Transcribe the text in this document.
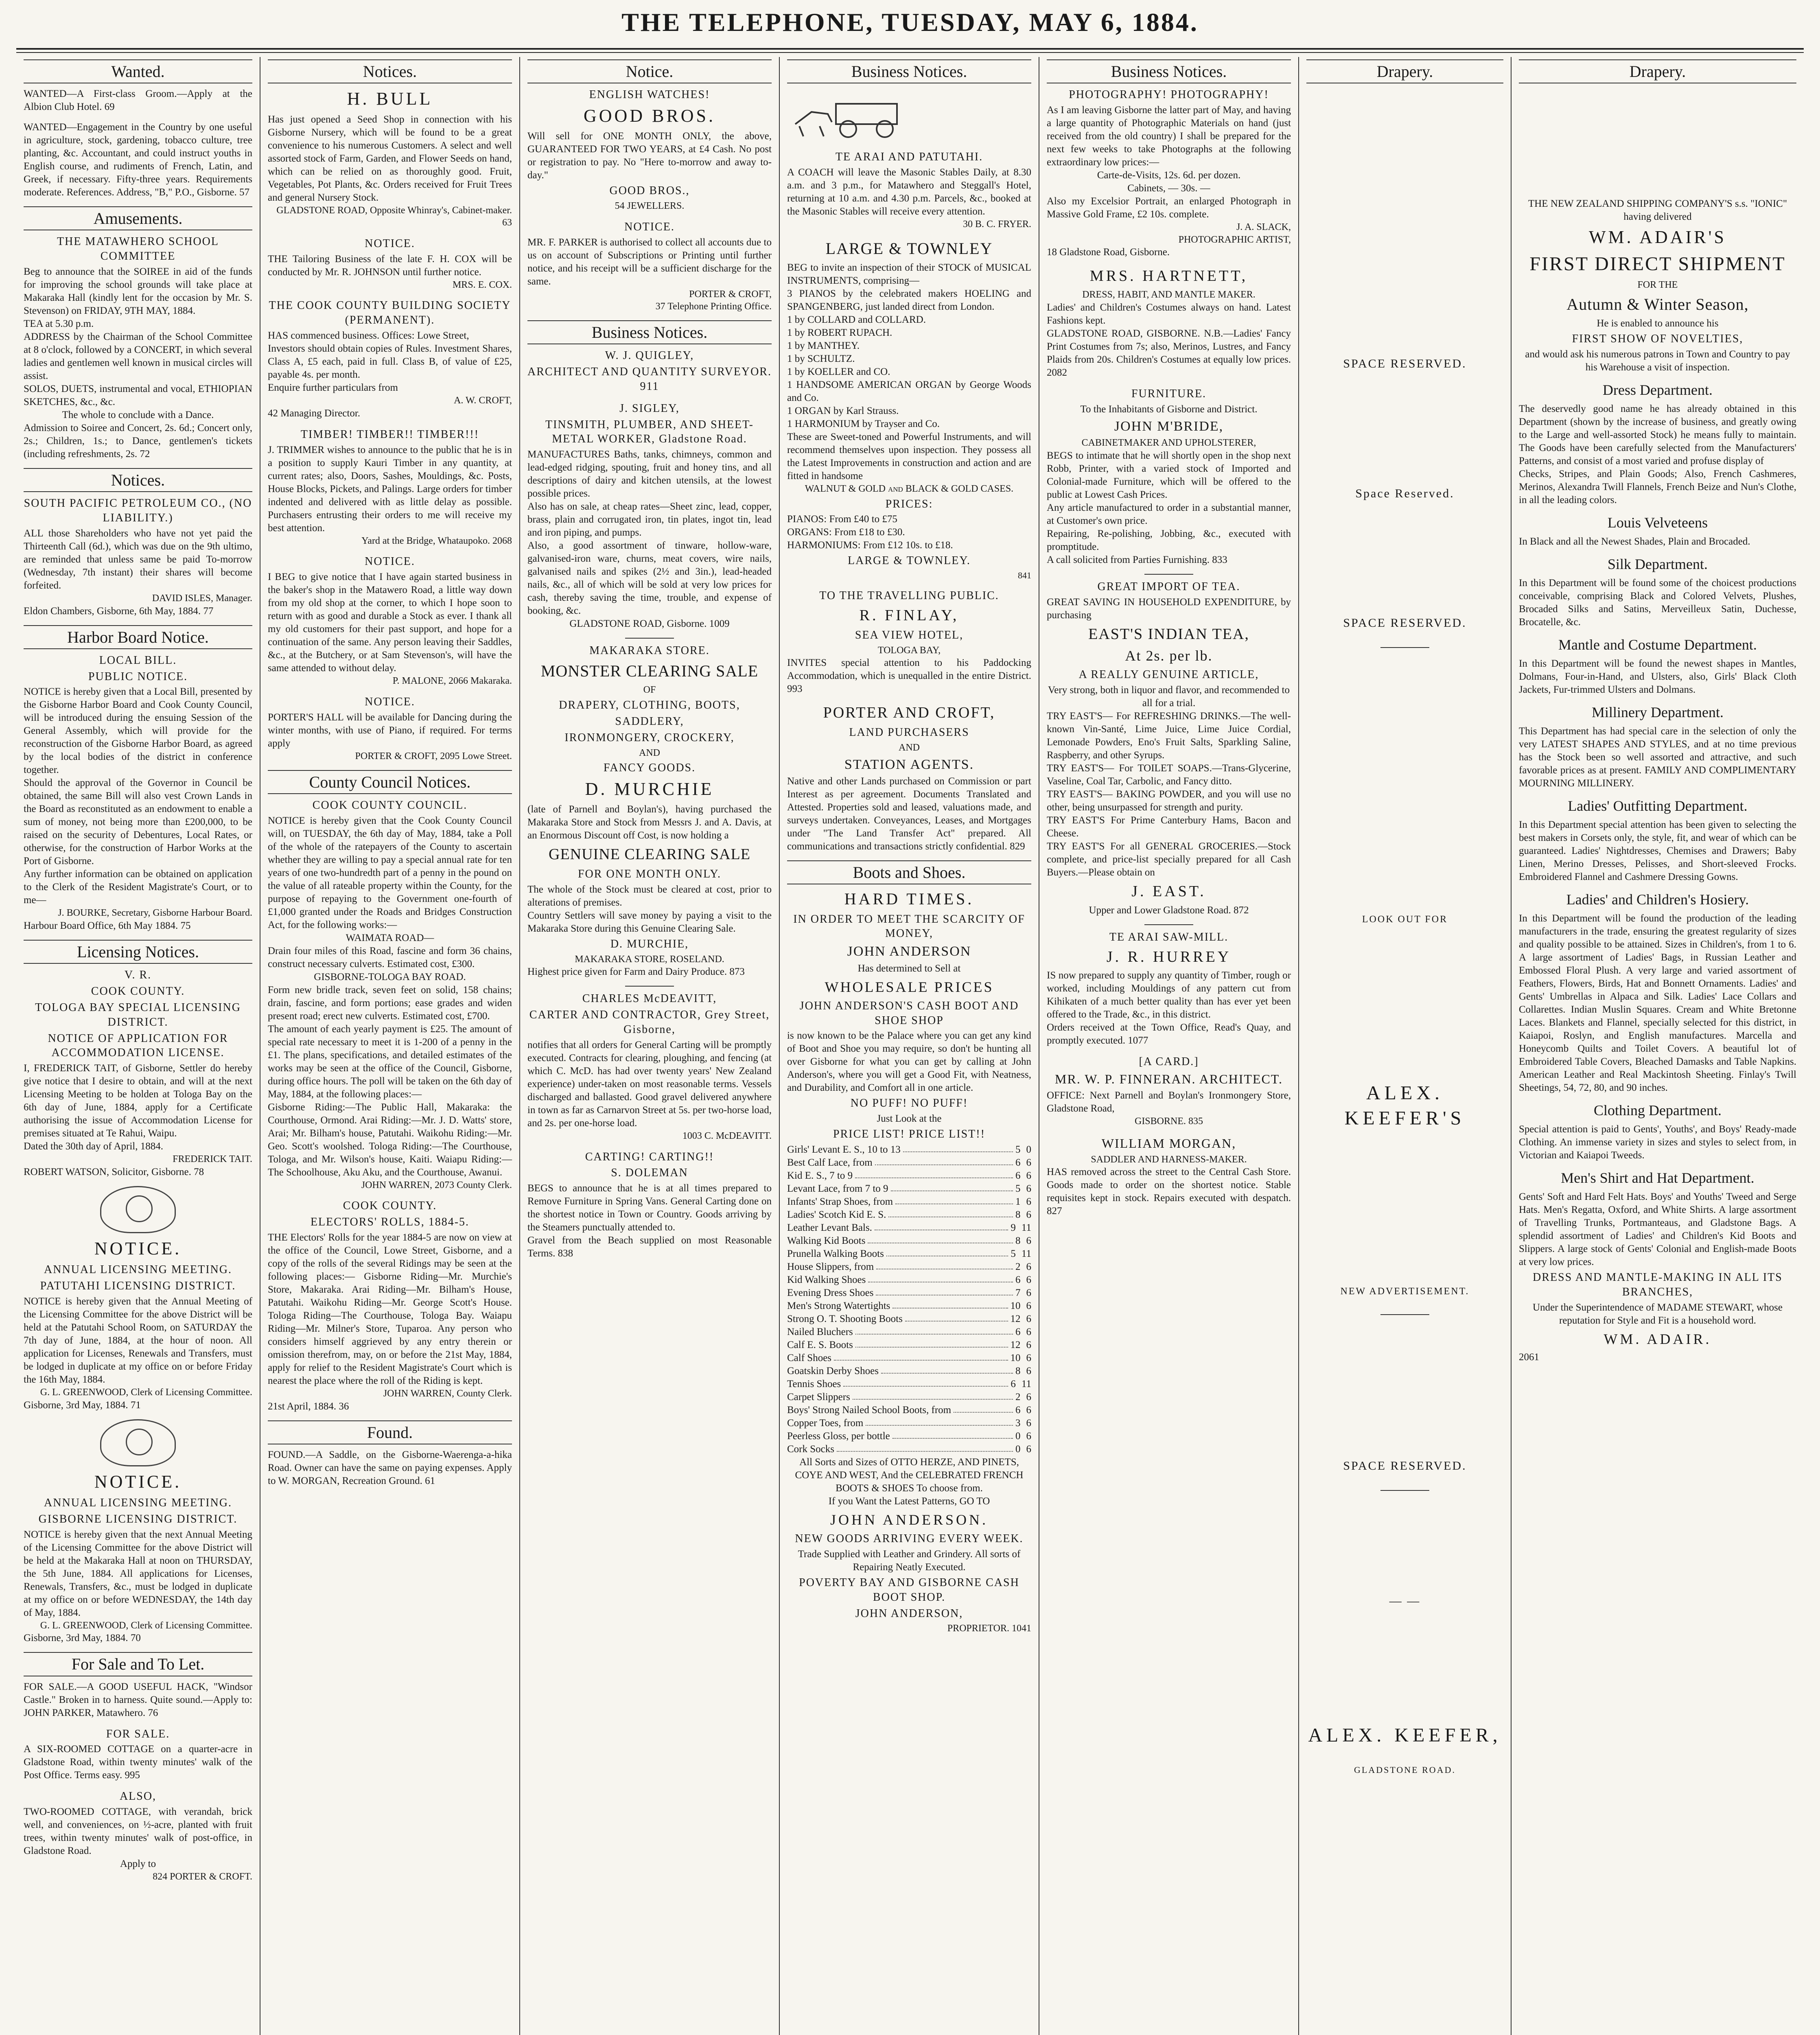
THE TELEPHONE, TUESDAY, MAY 6, 1884.
Wanted.
WANTED—A First-class Groom.—Apply at the Albion Club Hotel. 69
WANTED—Engagement in the Country by one useful in agriculture, stock, gardening, tobacco culture, tree planting, &c. Accountant, and could instruct youths in English course, and rudiments of French, Latin, and Greek, if necessary. Fifty-three years. Requirements moderate. References. Address, "B," P.O., Gisborne. 57
Amusements.
THE MATAWHERO SCHOOL COMMITTEE
Beg to announce that the SOIREE in aid of the funds for improving the school grounds will take place at Makaraka Hall (kindly lent for the occasion by Mr. S. Stevenson) on FRIDAY, 9TH MAY, 1884.
TEA at 5.30 p.m.
ADDRESS by the Chairman of the School Committee at 8 o'clock, followed by a CONCERT, in which several ladies and gentlemen well known in musical circles will assist.
SOLOS, DUETS, instrumental and vocal, ETHIOPIAN SKETCHES, &c., &c.
The whole to conclude with a Dance.
Admission to Soiree and Concert, 2s. 6d.; Concert only, 2s.; Children, 1s.; to Dance, gentlemen's tickets (including refreshments, 2s. 72
Notices.
SOUTH PACIFIC PETROLEUM CO., (NO LIABILITY.)
ALL those Shareholders who have not yet paid the Thirteenth Call (6d.), which was due on the 9th ultimo, are reminded that unless same be paid To-morrow (Wednesday, 7th instant) their shares will become forfeited.
DAVID ISLES, Manager.
Eldon Chambers, Gisborne, 6th May, 1884. 77
Harbor Board Notice.
LOCAL BILL.
PUBLIC NOTICE.
NOTICE is hereby given that a Local Bill, presented by the Gisborne Harbor Board and Cook County Council, will be introduced during the ensuing Session of the General Assembly, which will provide for the reconstruction of the Gisborne Harbor Board, as agreed by the local bodies of the district in conference together.
Should the approval of the Governor in Council be obtained, the same Bill will also vest Crown Lands in the Board as reconstituted as an endowment to enable a sum of money, not being more than £200,000, to be raised on the security of Debentures, Local Rates, or otherwise, for the construction of Harbor Works at the Port of Gisborne.
Any further information can be obtained on application to the Clerk of the Resident Magistrate's Court, or to me—
J. BOURKE, Secretary, Gisborne Harbour Board.
Harbour Board Office, 6th May 1884. 75
Licensing Notices.
V. R.
COOK COUNTY.
TOLOGA BAY SPECIAL LICENSING DISTRICT.
NOTICE OF APPLICATION FOR ACCOMMODATION LICENSE.
I, FREDERICK TAIT, of Gisborne, Settler do hereby give notice that I desire to obtain, and will at the next Licensing Meeting to be holden at Tologa Bay on the 6th day of June, 1884, apply for a Certificate authorising the issue of Accommodation License for premises situated at Te Rahui, Waipu.
Dated the 30th day of April, 1884.
FREDERICK TAIT.
ROBERT WATSON, Solicitor, Gisborne. 78
NOTICE.
ANNUAL LICENSING MEETING.
PATUTAHI LICENSING DISTRICT.
NOTICE is hereby given that the Annual Meeting of the Licensing Committee for the above District will be held at the Patutahi School Room, on SATURDAY the 7th day of June, 1884, at the hour of noon. All application for Licenses, Renewals and Transfers, must be lodged in duplicate at my office on or before Friday the 16th May, 1884.
G. L. GREENWOOD, Clerk of Licensing Committee.
Gisborne, 3rd May, 1884. 71
NOTICE.
ANNUAL LICENSING MEETING.
GISBORNE LICENSING DISTRICT.
NOTICE is hereby given that the next Annual Meeting of the Licensing Committee for the above District will be held at the Makaraka Hall at noon on THURSDAY, the 5th June, 1884. All applications for Licenses, Renewals, Transfers, &c., must be lodged in duplicate at my office on or before WEDNESDAY, the 14th day of May, 1884.
G. L. GREENWOOD, Clerk of Licensing Committee.
Gisborne, 3rd May, 1884. 70
For Sale and To Let.
FOR SALE.—A GOOD USEFUL HACK, "Windsor Castle." Broken in to harness. Quite sound.—Apply to: JOHN PARKER, Matawhero. 76
FOR SALE.
A SIX-ROOMED COTTAGE on a quarter-acre in Gladstone Road, within twenty minutes' walk of the Post Office. Terms easy. 995
ALSO,
TWO-ROOMED COTTAGE, with verandah, brick well, and conveniences, on ½-acre, planted with fruit trees, within twenty minutes' walk of post-office, in Gladstone Road.
Apply to
824 PORTER & CROFT.
Notices.
H. BULL
Has just opened a Seed Shop in connection with his Gisborne Nursery, which will be found to be a great convenience to his numerous Customers. A select and well assorted stock of Farm, Garden, and Flower Seeds on hand, which can be relied on as thoroughly good. Fruit, Vegetables, Pot Plants, &c. Orders received for Fruit Trees and general Nursery Stock.
GLADSTONE ROAD, Opposite Whinray's, Cabinet-maker. 63
NOTICE.
THE Tailoring Business of the late F. H. COX will be conducted by Mr. R. JOHNSON until further notice.
MRS. E. COX.
THE COOK COUNTY BUILDING SOCIETY (PERMANENT).
HAS commenced business. Offices: Lowe Street,
Investors should obtain copies of Rules. Investment Shares, Class A, £5 each, paid in full. Class B, of value of £25, payable 4s. per month.
Enquire further particulars from
A. W. CROFT,
42 Managing Director.
TIMBER! TIMBER!! TIMBER!!!
J. TRIMMER wishes to announce to the public that he is in a position to supply Kauri Timber in any quantity, at current rates; also, Doors, Sashes, Mouldings, &c. Posts, House Blocks, Pickets, and Palings. Large orders for timber indented and delivered with as little delay as possible. Purchasers entrusting their orders to me will receive my best attention.
Yard at the Bridge, Whataupoko. 2068
NOTICE.
I BEG to give notice that I have again started business in the baker's shop in the Matawero Road, a little way down from my old shop at the corner, to which I hope soon to return with as good and durable a Stock as ever. I thank all my old customers for their past support, and hope for a continuation of the same. Any person leaving their Saddles, &c., at the Butchery, or at Sam Stevenson's, will have the same attended to without delay.
P. MALONE, 2066 Makaraka.
NOTICE.
PORTER'S HALL will be available for Dancing during the winter months, with use of Piano, if required. For terms apply
PORTER & CROFT, 2095 Lowe Street.
County Council Notices.
COOK COUNTY COUNCIL.
NOTICE is hereby given that the Cook County Council will, on TUESDAY, the 6th day of May, 1884, take a Poll of the whole of the ratepayers of the County to ascertain whether they are willing to pay a special annual rate for ten years of one two-hundredth part of a penny in the pound on the value of all rateable property within the County, for the purpose of repaying to the Government one-fourth of £1,000 granted under the Roads and Bridges Construction Act, for the following works:—
WAIMATA ROAD—
Drain four miles of this Road, fascine and form 36 chains, construct necessary culverts. Estimated cost, £300.
GISBORNE-TOLOGA BAY ROAD.
Form new bridle track, seven feet on solid, 158 chains; drain, fascine, and form portions; ease grades and widen present road; erect new culverts. Estimated cost, £700.
The amount of each yearly payment is £25. The amount of special rate necessary to meet it is 1-200 of a penny in the £1. The plans, specifications, and detailed estimates of the works may be seen at the office of the Council, Gisborne, during office hours. The poll will be taken on the 6th day of May, 1884, at the following places:—
Gisborne Riding:—The Public Hall, Makaraka: the Courthouse, Ormond. Arai Riding:—Mr. J. D. Watts' store, Arai; Mr. Bilham's house, Patutahi. Waikohu Riding:—Mr. Geo. Scott's woolshed. Tologa Riding:—The Courthouse, Tologa, and Mr. Wilson's house, Kaiti. Waiapu Riding:—The Schoolhouse, Aku Aku, and the Courthouse, Awanui.
JOHN WARREN, 2073 County Clerk.
COOK COUNTY.
ELECTORS' ROLLS, 1884-5.
THE Electors' Rolls for the year 1884-5 are now on view at the office of the Council, Lowe Street, Gisborne, and a copy of the rolls of the several Ridings may be seen at the following places:— Gisborne Riding—Mr. Murchie's Store, Makaraka. Arai Riding—Mr. Bilham's House, Patutahi. Waikohu Riding—Mr. George Scott's House. Tologa Riding—The Courthouse, Tologa Bay. Waiapu Riding—Mr. Milner's Store, Tuparoa. Any person who considers himself aggrieved by any entry therein or omission therefrom, may, on or before the 21st May, 1884, apply for relief to the Resident Magistrate's Court which is nearest the place where the roll of the Riding is kept.
JOHN WARREN, County Clerk.
21st April, 1884. 36
Found.
FOUND.—A Saddle, on the Gisborne-Waerenga-a-hika Road. Owner can have the same on paying expenses. Apply to W. MORGAN, Recreation Ground. 61
Notice.
ENGLISH WATCHES!
GOOD BROS.
Will sell for ONE MONTH ONLY, the above, GUARANTEED FOR TWO YEARS, at £4 Cash. No post or registration to pay. No "Here to-morrow and away to-day."
GOOD BROS.,
54 JEWELLERS.
NOTICE.
MR. F. PARKER is authorised to collect all accounts due to us on account of Subscriptions or Printing until further notice, and his receipt will be a sufficient discharge for the same.
PORTER & CROFT,
37 Telephone Printing Office.
Business Notices.
W. J. QUIGLEY,
ARCHITECT AND QUANTITY SURVEYOR. 911
J. SIGLEY,
TINSMITH, PLUMBER, AND SHEET-METAL WORKER, Gladstone Road.
MANUFACTURES Baths, tanks, chimneys, common and lead-edged ridging, spouting, fruit and honey tins, and all descriptions of dairy and kitchen utensils, at the lowest possible prices.
Also has on sale, at cheap rates—Sheet zinc, lead, copper, brass, plain and corrugated iron, tin plates, ingot tin, lead and iron piping, and pumps.
Also, a good assortment of tinware, hollow-ware, galvanised-iron ware, churns, meat covers, wire nails, galvanised nails and spikes (2½ and 3in.), lead-headed nails, &c., all of which will be sold at very low prices for cash, thereby saving the time, trouble, and expense of booking, &c.
GLADSTONE ROAD, Gisborne. 1009
MAKARAKA STORE.
MONSTER CLEARING SALE
OF
DRAPERY, CLOTHING, BOOTS,
SADDLERY,
IRONMONGERY, CROCKERY,
AND
FANCY GOODS.
D. MURCHIE
(late of Parnell and Boylan's), having purchased the Makaraka Store and Stock from Messrs J. and A. Davis, at an Enormous Discount off Cost, is now holding a
GENUINE CLEARING SALE
FOR ONE MONTH ONLY.
The whole of the Stock must be cleared at cost, prior to alterations of premises.
Country Settlers will save money by paying a visit to the Makaraka Store during this Genuine Clearing Sale.
D. MURCHIE,
MAKARAKA STORE, ROSELAND.
Highest price given for Farm and Dairy Produce. 873
CHARLES McDEAVITT,
CARTER AND CONTRACTOR, Grey Street, Gisborne,
notifies that all orders for General Carting will be promptly executed. Contracts for clearing, ploughing, and fencing (at which C. McD. has had over twenty years' New Zealand experience) under-taken on most reasonable terms. Vessels discharged and ballasted. Good gravel delivered anywhere in town as far as Carnarvon Street at 5s. per two-horse load, and 2s. per one-horse load.
1003 C. McDEAVITT.
CARTING! CARTING!!
S. DOLEMAN
BEGS to announce that he is at all times prepared to Remove Furniture in Spring Vans. General Carting done on the shortest notice in Town or Country. Goods arriving by the Steamers punctually attended to.
Gravel from the Beach supplied on most Reasonable Terms. 838
Business Notices.
TE ARAI AND PATUTAHI.
A COACH will leave the Masonic Stables Daily, at 8.30 a.m. and 3 p.m., for Matawhero and Steggall's Hotel, returning at 10 a.m. and 4.30 p.m. Parcels, &c., booked at the Masonic Stables will receive every attention.
30 B. C. FRYER.
LARGE & TOWNLEY
BEG to invite an inspection of their STOCK of MUSICAL INSTRUMENTS, comprising—
3 PIANOS by the celebrated makers HOELING and SPANGENBERG, just landed direct from London.
1 by COLLARD and COLLARD.
1 by ROBERT RUPACH.
1 by MANTHEY.
1 by SCHULTZ.
1 by KOELLER and CO.
1 HANDSOME AMERICAN ORGAN by George Woods and Co.
1 ORGAN by Karl Strauss.
1 HARMONIUM by Trayser and Co.
These are Sweet-toned and Powerful Instruments, and will recommend themselves upon inspection. They possess all the Latest Improvements in construction and action and are fitted in handsome
WALNUT & GOLD and BLACK & GOLD CASES.
PRICES:
PIANOS: From £40 to £75
ORGANS: From £18 to £30.
HARMONIUMS: From £12 10s. to £18.
LARGE & TOWNLEY.
841
TO THE TRAVELLING PUBLIC.
R. FINLAY,
SEA VIEW HOTEL,
TOLOGA BAY,
INVITES special attention to his Paddocking Accommodation, which is unequalled in the entire District. 993
PORTER AND CROFT,
LAND PURCHASERS
AND
STATION AGENTS.
Native and other Lands purchased on Commission or part Interest as per agreement. Documents Translated and Attested. Properties sold and leased, valuations made, and surveys undertaken. Conveyances, Leases, and Mortgages under "The Land Transfer Act" prepared. All communications and transactions strictly confidential. 829
Boots and Shoes.
HARD TIMES.
IN ORDER TO MEET THE SCARCITY OF MONEY,
JOHN ANDERSON
Has determined to Sell at
WHOLESALE PRICES
JOHN ANDERSON'S CASH BOOT AND SHOE SHOP
is now known to be the Palace where you can get any kind of Boot and Shoe you may require, so don't be hunting all over Gisborne for what you can get by calling at John Anderson's, where you will get a Good Fit, with Neatness, and Durability, and Comfort all in one article.
NO PUFF! NO PUFF!
Just Look at the
PRICE LIST! PRICE LIST!!
Girls' Levant E. S., 10 to 13	5 0
Best Calf Lace, from	6 6
Kid E. S., 7 to 9	6 6
Levant Lace, from 7 to 9	5 6
Infants' Strap Shoes, from	1 6
Ladies' Scotch Kid E. S.	8 6
Leather Levant Bals.	9 11
Walking Kid Boots	8 6
Prunella Walking Boots	5 11
House Slippers, from	2 6
Kid Walking Shoes	6 6
Evening Dress Shoes	7 6
Men's Strong Watertights	10 6
Strong O. T. Shooting Boots	12 6
Nailed Bluchers	6 6
Calf E. S. Boots	12 6
Calf Shoes	10 6
Goatskin Derby Shoes	8 6
Tennis Shoes	6 11
Carpet Slippers	2 6
Boys' Strong Nailed School Boots, from	6 6
Copper Toes, from	3 6
Peerless Gloss, per bottle	0 6
Cork Socks	0 6
All Sorts and Sizes of OTTO HERZE, AND PINETS, COYE AND WEST, And the CELEBRATED FRENCH BOOTS & SHOES To choose from.
If you Want the Latest Patterns, GO TO
JOHN ANDERSON.
NEW GOODS ARRIVING EVERY WEEK.
Trade Supplied with Leather and Grindery. All sorts of Repairing Neatly Executed.
POVERTY BAY AND GISBORNE CASH BOOT SHOP.
JOHN ANDERSON,
PROPRIETOR. 1041
Business Notices.
PHOTOGRAPHY! PHOTOGRAPHY!
As I am leaving Gisborne the latter part of May, and having a large quantity of Photographic Materials on hand (just received from the old country) I shall be prepared for the next few weeks to take Photographs at the following extraordinary low prices:—
Carte-de-Visits, 12s. 6d. per dozen.
Cabinets, — 30s. —
Also my Excelsior Portrait, an enlarged Photograph in Massive Gold Frame, £2 10s. complete.
J. A. SLACK,
PHOTOGRAPHIC ARTIST,
18 Gladstone Road, Gisborne.
MRS. HARTNETT,
DRESS, HABIT, AND MANTLE MAKER.
Ladies' and Children's Costumes always on hand. Latest Fashions kept.
GLADSTONE ROAD, GISBORNE. N.B.—Ladies' Fancy Print Costumes from 7s; also, Merinos, Lustres, and Fancy Plaids from 20s. Children's Costumes at equally low prices. 2082
FURNITURE.
To the Inhabitants of Gisborne and District.
JOHN M'BRIDE,
CABINETMAKER AND UPHOLSTERER,
BEGS to intimate that he will shortly open in the shop next Robb, Printer, with a varied stock of Imported and Colonial-made Furniture, which will be offered to the public at Lowest Cash Prices.
Any article manufactured to order in a substantial manner, at Customer's own price.
Repairing, Re-polishing, Jobbing, &c., executed with promptitude.
A call solicited from Parties Furnishing. 833
GREAT IMPORT OF TEA.
GREAT SAVING IN HOUSEHOLD EXPENDITURE, by purchasing
EAST'S INDIAN TEA,
At 2s. per lb.
A REALLY GENUINE ARTICLE,
Very strong, both in liquor and flavor, and recommended to all for a trial.
TRY EAST'S— For REFRESHING DRINKS.—The well-known Vin-Santé, Lime Juice, Lime Juice Cordial, Lemonade Powders, Eno's Fruit Salts, Sparkling Saline, Raspberry, and other Syrups.
TRY EAST'S— For TOILET SOAPS.—Trans-Glycerine, Vaseline, Coal Tar, Carbolic, and Fancy ditto.
TRY EAST'S— BAKING POWDER, and you will use no other, being unsurpassed for strength and purity.
TRY EAST'S For Prime Canterbury Hams, Bacon and Cheese.
TRY EAST'S For all GENERAL GROCERIES.—Stock complete, and price-list specially prepared for all Cash Buyers.—Please obtain on
J. EAST.
Upper and Lower Gladstone Road. 872
TE ARAI SAW-MILL.
J. R. HURREY
IS now prepared to supply any quantity of Timber, rough or worked, including Mouldings of any pattern cut from Kihikaten of a much better quality than has ever yet been offered to the Trade, &c., in this district.
Orders received at the Town Office, Read's Quay, and promptly executed. 1077
[A CARD.]
MR. W. P. FINNERAN. ARCHITECT.
OFFICE: Next Parnell and Boylan's Ironmongery Store, Gladstone Road,
GISBORNE. 835
WILLIAM MORGAN,
SADDLER AND HARNESS-MAKER.
HAS removed across the street to the Central Cash Store. Goods made to order on the shortest notice. Stable requisites kept in stock. Repairs executed with despatch. 827
Drapery.
SPACE RESERVED.
Space Reserved.
SPACE RESERVED.
LOOK OUT FOR
ALEX. KEEFER'S
NEW ADVERTISEMENT.
SPACE RESERVED.
— —
ALEX. KEEFER,
GLADSTONE ROAD.
Drapery.
THE NEW ZEALAND SHIPPING COMPANY'S s.s. "IONIC" having delivered
WM. ADAIR'S
FIRST DIRECT SHIPMENT
FOR THE
Autumn & Winter Season,
He is enabled to announce his
FIRST SHOW OF NOVELTIES,
and would ask his numerous patrons in Town and Country to pay his Warehouse a visit of inspection.
Dress Department.
The deservedly good name he has already obtained in this Department (shown by the increase of business, and greatly owing to the Large and well-assorted Stock) he means fully to maintain. The Goods have been carefully selected from the Manufacturers' Patterns, and consist of a most varied and profuse display of
Checks, Stripes, and Plain Goods; Also, French Cashmeres, Merinos, Alexandra Twill Flannels, French Beize and Nun's Clothe, in all the leading colors.
Louis Velveteens
In Black and all the Newest Shades, Plain and Brocaded.
Silk Department.
In this Department will be found some of the choicest productions conceivable, comprising Black and Colored Velvets, Plushes, Brocaded Silks and Satins, Merveilleux Satin, Duchesse, Brocatelle, &c.
Mantle and Costume Department.
In this Department will be found the newest shapes in Mantles, Dolmans, Four-in-Hand, and Ulsters, also, Girls' Black Cloth Jackets, Fur-trimmed Ulsters and Dolmans.
Millinery Department.
This Department has had special care in the selection of only the very LATEST SHAPES AND STYLES, and at no time previous has the Stock been so well assorted and attractive, and such favorable prices as at present. FAMILY AND COMPLIMENTARY MOURNING MILLINERY.
Ladies' Outfitting Department.
In this Department special attention has been given to selecting the best makers in Corsets only, the style, fit, and wear of which can be guaranteed. Ladies' Nightdresses, Chemises and Drawers; Baby Linen, Merino Dresses, Pelisses, and Short-sleeved Frocks. Embroidered Flannel and Cashmere Dressing Gowns.
Ladies' and Children's Hosiery.
In this Department will be found the production of the leading manufacturers in the trade, ensuring the greatest regularity of sizes and quality possible to be attained. Sizes in Children's, from 1 to 6. A large assortment of Ladies' Bags, in Russian Leather and Embossed Floral Plush. A very large and varied assortment of Feathers, Flowers, Birds, Hat and Bonnett Ornaments. Ladies' and Gents' Umbrellas in Alpaca and Silk. Ladies' Lace Collars and Collarettes. Indian Muslin Squares. Cream and White Bretonne Laces. Blankets and Flannel, specially selected for this district, in Kaiapoi, Roslyn, and English manufactures. Marcella and Honeycomb Quilts and Toilet Covers. A beautiful lot of Embroidered Table Covers, Bleached Damasks and Table Napkins. American Leather and Real Mackintosh Sheeting. Finlay's Twill Sheetings, 54, 72, 80, and 90 inches.
Clothing Department.
Special attention is paid to Gents', Youths', and Boys' Ready-made Clothing. An immense variety in sizes and styles to select from, in Victorian and Kaiapoi Tweeds.
Men's Shirt and Hat Department.
Gents' Soft and Hard Felt Hats. Boys' and Youths' Tweed and Serge Hats. Men's Regatta, Oxford, and White Shirts. A large assortment of Travelling Trunks, Portmanteaus, and Gladstone Bags. A splendid assortment of Ladies' and Children's Kid Boots and Slippers. A large stock of Gents' Colonial and English-made Boots at very low prices.
DRESS AND MANTLE-MAKING IN ALL ITS BRANCHES,
Under the Superintendence of MADAME STEWART, whose reputation for Style and Fit is a household word.
WM. ADAIR.
2061
